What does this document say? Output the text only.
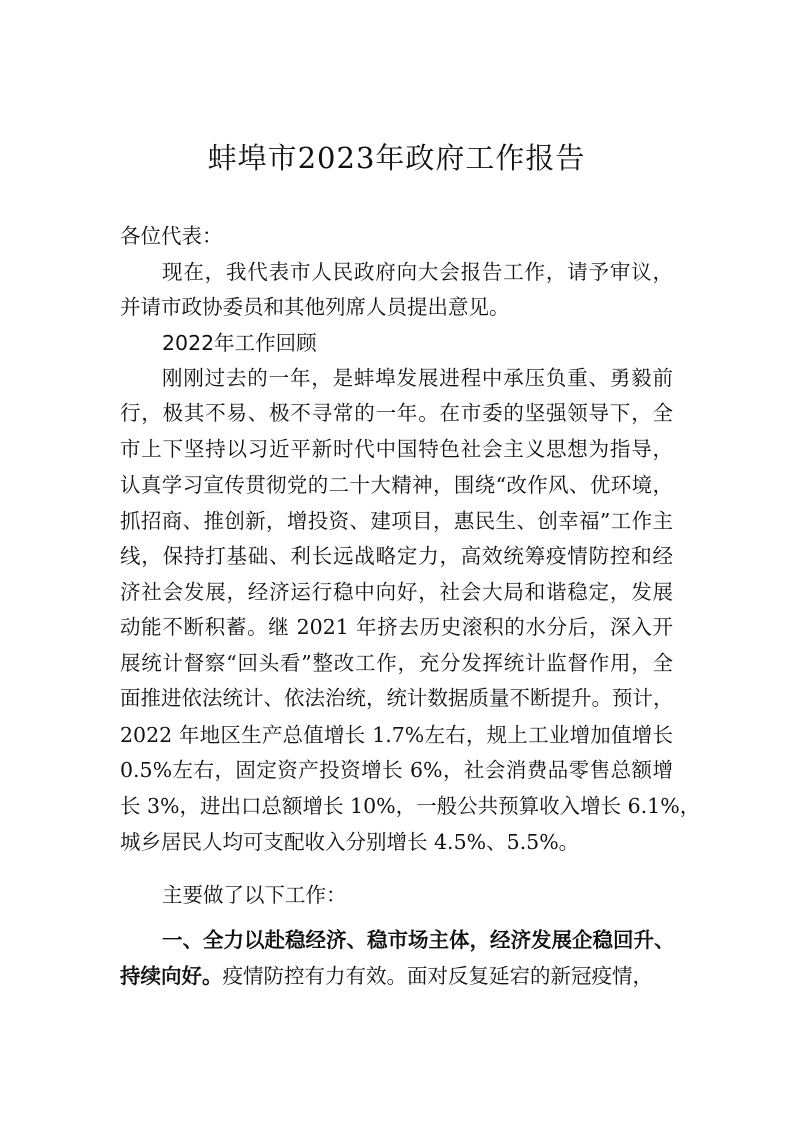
蚌埠市2023年政府工作报告
各位代表：
现在，我代表市人民政府向大会报告工作，请予审议，
并请市政协委员和其他列席人员提出意见。
2022年工作回顾
刚刚过去的一年，是蚌埠发展进程中承压负重、勇毅前
行，极其不易、极不寻常的一年。在市委的坚强领导下，全
市上下坚持以习近平新时代中国特色社会主义思想为指导，
认真学习宣传贯彻党的二十大精神，围绕“改作风、优环境，
抓招商、推创新，增投资、建项目，惠民生、创幸福”工作主
线，保持打基础、利长远战略定力，高效统筹疫情防控和经
济社会发展，经济运行稳中向好，社会大局和谐稳定，发展
动能不断积蓄。继 2021 年挤去历史滚积的水分后，深入开
展统计督察“回头看”整改工作，充分发挥统计监督作用，全
面推进依法统计、依法治统，统计数据质量不断提升。预计，
2022 年地区生产总值增长 1.7%左右，规上工业增加值增长
0.5%左右，固定资产投资增长 6%，社会消费品零售总额增
长 3%，进出口总额增长 10%，一般公共预算收入增长 6.1%，
城乡居民人均可支配收入分别增长 4.5%、5.5%。
主要做了以下工作：
一、全力以赴稳经济、稳市场主体，经济发展企稳回升、
持续向好。疫情防控有力有效。面对反复延宕的新冠疫情，
